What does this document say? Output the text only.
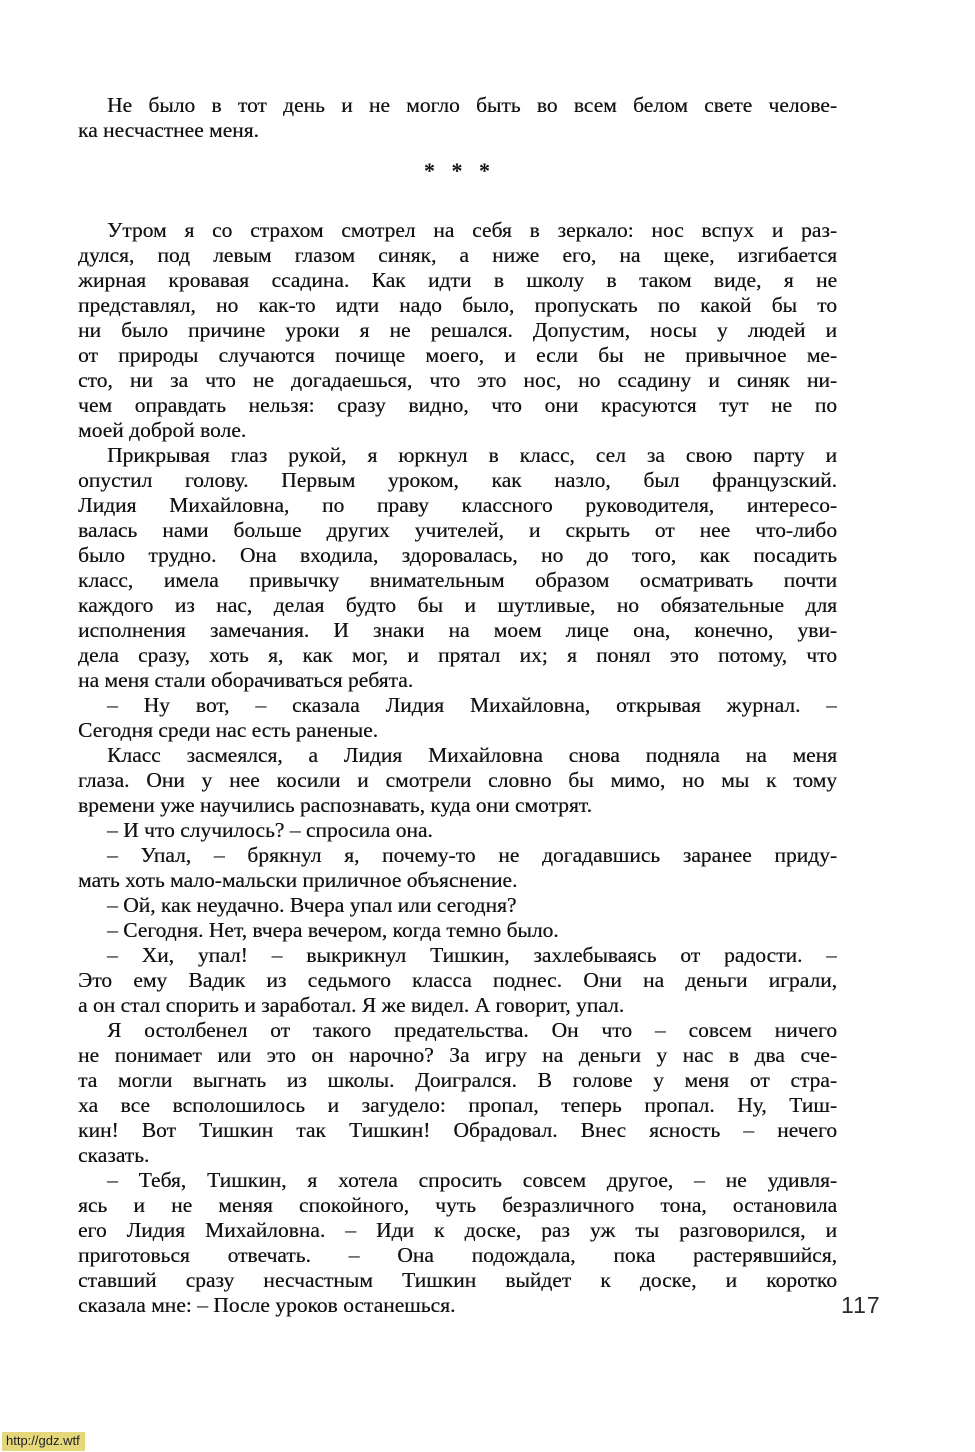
Не было в тот день и не могло быть во всем белом свете челове-
ка несчастнее меня.
* * *
Утром я со страхом смотрел на себя в зеркало: нос вспух и раз-
дулся, под левым глазом синяк, а ниже его, на щеке, изгибается
жирная кровавая ссадина. Как идти в школу в таком виде, я не
представлял, но как-то идти надо было, пропускать по какой бы то
ни было причине уроки я не решался. Допустим, носы у людей и
от природы случаются почище моего, и если бы не привычное ме-
сто, ни за что не догадаешься, что это нос, но ссадину и синяк ни-
чем оправдать нельзя: сразу видно, что они красуются тут не по
моей доброй воле.
Прикрывая глаз рукой, я юркнул в класс, сел за свою парту и
опустил голову. Первым уроком, как назло, был французский.
Лидия Михайловна, по праву классного руководителя, интересо-
валась нами больше других учителей, и скрыть от нее что-либо
было трудно. Она входила, здоровалась, но до того, как посадить
класс, имела привычку внимательным образом осматривать почти
каждого из нас, делая будто бы и шутливые, но обязательные для
исполнения замечания. И знаки на моем лице она, конечно, уви-
дела сразу, хоть я, как мог, и прятал их; я понял это потому, что
на меня стали оборачиваться ребята.
– Ну вот, – сказала Лидия Михайловна, открывая журнал. –
Сегодня среди нас есть раненые.
Класс засмеялся, а Лидия Михайловна снова подняла на меня
глаза. Они у нее косили и смотрели словно бы мимо, но мы к тому
времени уже научились распознавать, куда они смотрят.
– И что случилось? – спросила она.
– Упал, – брякнул я, почему-то не догадавшись заранее приду-
мать хоть мало-мальски приличное объяснение.
– Ой, как неудачно. Вчера упал или сегодня?
– Сегодня. Нет, вчера вечером, когда темно было.
– Хи, упал! – выкрикнул Тишкин, захлебываясь от радости. –
Это ему Вадик из седьмого класса поднес. Они на деньги играли,
а он стал спорить и заработал. Я же видел. А говорит, упал.
Я остолбенел от такого предательства. Он что – совсем ничего
не понимает или это он нарочно? За игру на деньги у нас в два сче-
та могли выгнать из школы. Доигрался. В голове у меня от стра-
ха все всполошилось и загудело: пропал, теперь пропал. Ну, Тиш-
кин! Вот Тишкин так Тишкин! Обрадовал. Внес ясность – нечего
сказать.
– Тебя, Тишкин, я хотела спросить совсем другое, – не удивля-
ясь и не меняя спокойного, чуть безразличного тона, остановила
его Лидия Михайловна. – Иди к доске, раз уж ты разговорился, и
приготовься отвечать. – Она подождала, пока растерявшийся,
ставший сразу несчастным Тишкин выйдет к доске, и коротко
сказала мне: – После уроков останешься.	117
http://gdz.wtf
